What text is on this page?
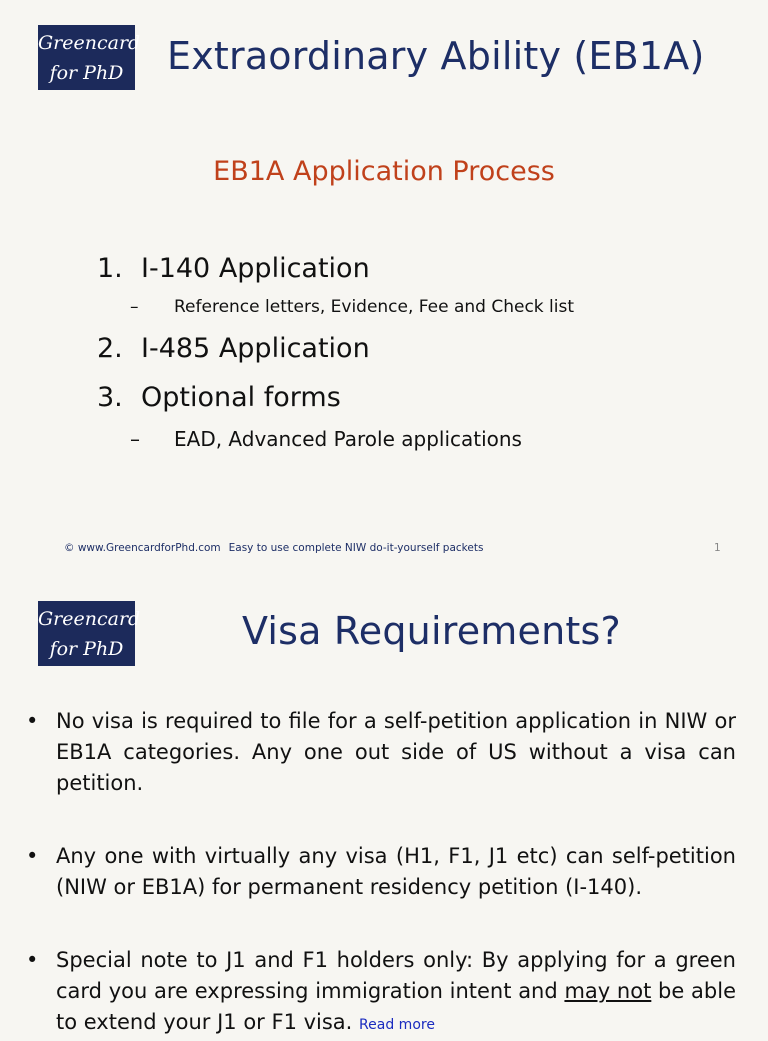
Greencard
for PhD	Extraordinary Ability (EB1A)
EB1A Application Process
1. I-140 Application
– Reference letters, Evidence, Fee and Check list
2. I-485 Application
3. Optional forms
– EAD, Advanced Parole applications
© www.GreencardforPhd.com Easy to use complete NIW do-it-yourself packets	1
Greencard
for PhD	Visa Requirements?
• No visa is required to file for a self-petition application in NIW or EB1A categories. Any one out side of US without a visa can petition.
• Any one with virtually any visa (H1, F1, J1 etc) can self-petition (NIW or EB1A) for permanent residency petition (I-140).
• Special note to J1 and F1 holders only: By applying for a green card you are expressing immigration intent and may not be able to extend your J1 or F1 visa. Read more
